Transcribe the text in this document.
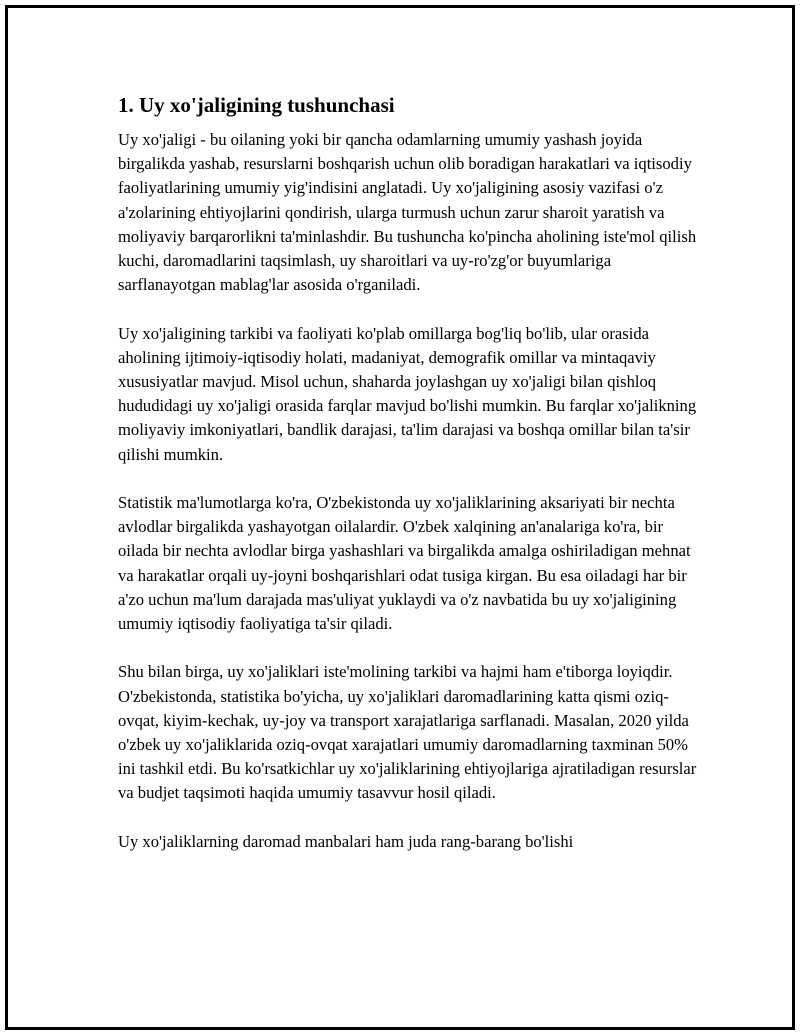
1. Uy xo'jaligining tushunchasi

Uy xo'jaligi - bu oilaning yoki bir qancha odamlarning umumiy yashash joyida birgalikda yashab, resurslarni boshqarish uchun olib boradigan harakatlari va iqtisodiy faoliyatlarining umumiy yig'indisini anglatadi. Uy xo'jaligining asosiy vazifasi o'z a'zolarining ehtiyojlarini qondirish, ularga turmush uchun zarur sharoit yaratish va moliyaviy barqarorlikni ta'minlashdir. Bu tushuncha ko'pincha aholining iste'mol qilish kuchi, daromadlarini taqsimlash, uy sharoitlari va uy-ro'zg'or buyumlariga sarflanayotgan mablag'lar asosida o'rganiladi.

Uy xo'jaligining tarkibi va faoliyati ko'plab omillarga bog'liq bo'lib, ular orasida aholining ijtimoiy-iqtisodiy holati, madaniyat, demografik omillar va mintaqaviy xususiyatlar mavjud. Misol uchun, shaharda joylashgan uy xo'jaligi bilan qishloq hududidagi uy xo'jaligi orasida farqlar mavjud bo'lishi mumkin. Bu farqlar xo'jalikning moliyaviy imkoniyatlari, bandlik darajasi, ta'lim darajasi va boshqa omillar bilan ta'sir qilishi mumkin.

Statistik ma'lumotlarga ko'ra, O'zbekistonda uy xo'jaliklarining aksariyati bir nechta avlodlar birgalikda yashayotgan oilalardir. O'zbek xalqining an'analariga ko'ra, bir oilada bir nechta avlodlar birga yashashlari va birgalikda amalga oshiriladigan mehnat va harakatlar orqali uy-joyni boshqarishlari odat tusiga kirgan. Bu esa oiladagi har bir a'zo uchun ma'lum darajada mas'uliyat yuklaydi va o'z navbatida bu uy xo'jaligining umumiy iqtisodiy faoliyatiga ta'sir qiladi.

Shu bilan birga, uy xo'jaliklari iste'molining tarkibi va hajmi ham e'tiborga loyiqdir. O'zbekistonda, statistika bo'yicha, uy xo'jaliklari daromadlarining katta qismi oziq-ovqat, kiyim-kechak, uy-joy va transport xarajatlariga sarflanadi. Masalan, 2020 yilda o'zbek uy xo'jaliklarida oziq-ovqat xarajatlari umumiy daromadlarning taxminan 50% ini tashkil etdi. Bu ko'rsatkichlar uy xo'jaliklarining ehtiyojlariga ajratiladigan resurslar va budjet taqsimoti haqida umumiy tasavvur hosil qiladi.

Uy xo'jaliklarning daromad manbalari ham juda rang-barang bo'lishi
